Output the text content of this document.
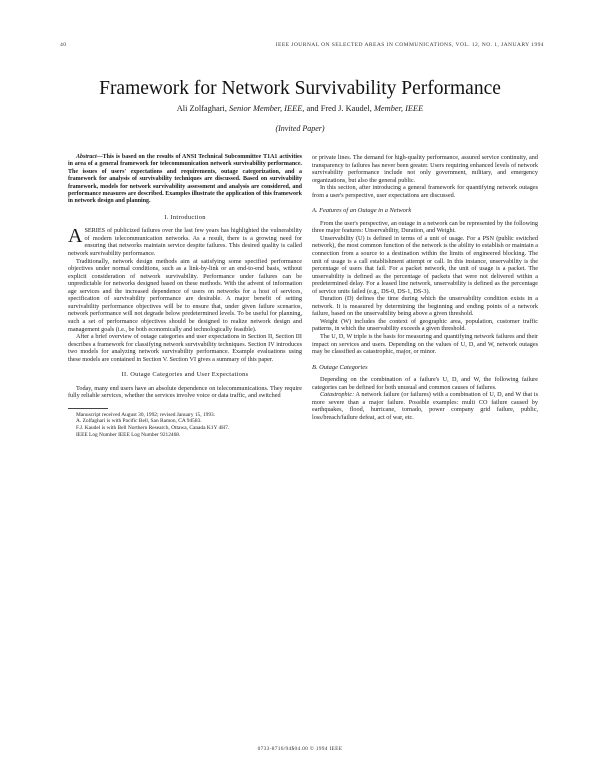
40	IEEE JOURNAL ON SELECTED AREAS IN COMMUNICATIONS, VOL. 12, NO. 1, JANUARY 1994
Framework for Network Survivability Performance
Ali Zolfaghari, Senior Member, IEEE, and Fred J. Kaudel, Member, IEEE
(Invited Paper)

Abstract—This is based on the results of ANSI Technical Subcommittee T1A1 activities in area of a general framework for telecommunication network survivability performance. The issues of users' expectations and requirements, outage categorization, and a framework for analysis of survivability techniques are discussed. Based on survivability framework, models for network survivability assessment and analysis are considered, and performance measures are described. Examples illustrate the application of this framework in network design and planning.

I. Introduction

ASERIES of publicized failures over the last few years has highlighted the vulnerability of modern telecommunication networks. As a result, there is a growing need for ensuring that networks maintain service despite failures. This desired quality is called network survivability performance.

Traditionally, network design methods aim at satisfying some specified performance objectives under normal conditions, such as a link-by-link or an end-to-end basis, without explicit consideration of network survivability. Performance under failures can be unpredictable for networks designed based on these methods. With the advent of information age services and the increased dependence of users on networks for a host of services, specification of survivability performance are desirable. A major benefit of setting survivability performance objectives will be to ensure that, under given failure scenarios, network performance will not degrade below predetermined levels. To be useful for planning, such a set of performance objectives should be designed to realize network design and management goals (i.e., be both economically and technologically feasible).

After a brief overview of outage categories and user expectations in Section II, Section III describes a framework for classifying network survivability techniques. Section IV introduces two models for analyzing network survivability performance. Example evaluations using these models are contained in Section V. Section VI gives a summary of this paper.

II. Outage Categories and User Expectations

Today, many end users have an absolute dependence on telecommunications. They require fully reliable services, whether the services involve voice or data traffic, and switched

Manuscript received August 30, 1992; revised January 15, 1993.

A. Zolfaghari is with Pacific Bell, San Ramon, CA 94583.

F.J. Kaudel is with Bell Northern Research, Ottawa, Canada K1Y 4H7.

IEEE Log Number IEEE Log Number 9212468.

or private lines. The demand for high-quality performance, assured service continuity, and transparency to failures has never been greater. Users requiring enhanced levels of network survivability performance include not only government, military, and emergency organizations, but also the general public.

In this section, after introducing a general framework for quantifying network outages from a user's perspective, user expectations are discussed.

A. Features of an Outage in a Network

From the user's perspective, an outage in a network can be represented by the following three major features: Unservability, Duration, and Weight.

Unservability (U) is defined in terms of a unit of usage. For a PSN (public switched network), the most common function of the network is the ability to establish or maintain a connection from a source to a destination within the limits of engineered blocking. The unit of usage is a call establishment attempt or call. In this instance, unservability is the percentage of users that fail. For a packet network, the unit of usage is a packet. The unservability is defined as the percentage of packets that were not delivered within a predetermined delay. For a leased line network, unservability is defined as the percentage of service units failed (e.g., DS-0, DS-1, DS-3).

Duration (D) defines the time during which the unservability condition exists in a network. It is measured by determining the beginning and ending points of a network failure, based on the unservability being above a given threshold.

Weight (W) includes the context of geographic area, population, customer traffic patterns, in which the unservability exceeds a given threshold.

The U, D, W triple is the basis for measuring and quantifying network failures and their impact on services and users. Depending on the values of U, D, and W, network outages may be classified as catastrophic, major, or minor.

B. Outage Categories

Depending on the combination of a failure's U, D, and W, the following failure categories can be defined for both unusual and common causes of failures.

Catastrophic: A network failure (or failures) with a combination of U, D, and W that is more severe than a major failure. Possible examples: multi CO failure caused by earthquakes, flood, hurricane, tornado, power company grid failure, public, loss/breach/failure defeat, act of war, etc.

0733-8716/94$04.00 © 1994 IEEE
